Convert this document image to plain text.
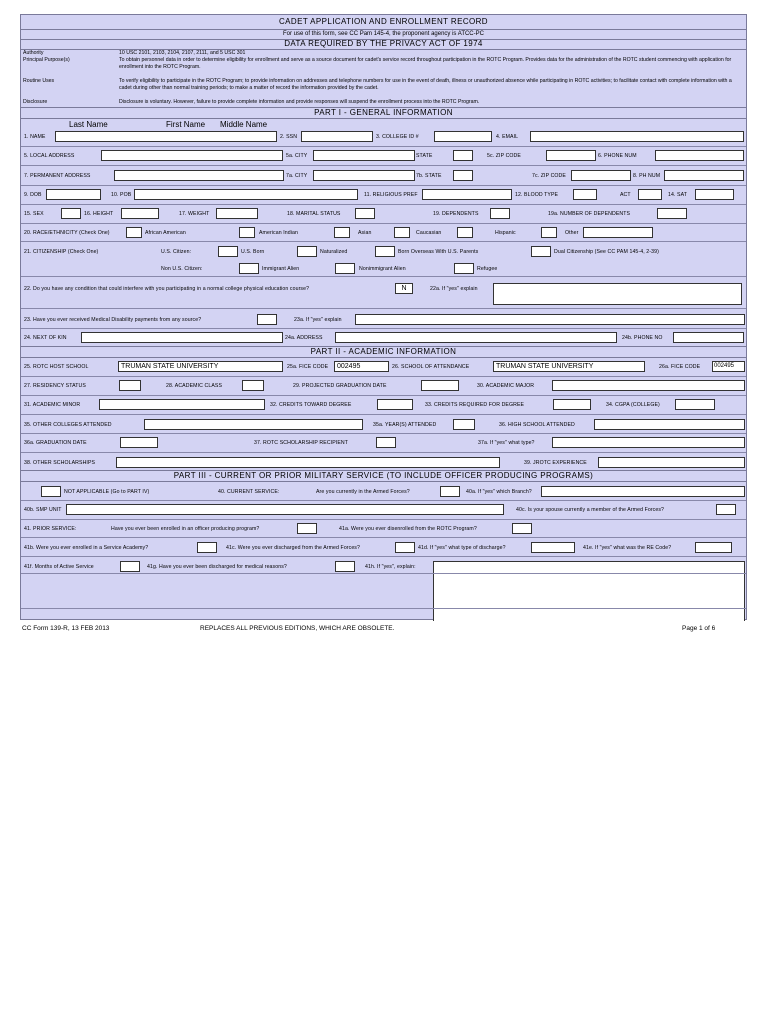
CADET APPLICATION AND ENROLLMENT RECORD
For use of this form, see CC Pam 145-4, the proponent agency is ATCC-PC
DATA REQUIRED BY THE PRIVACY ACT OF 1974
Authority	10 USC 2101, 2103, 2104, 2107, 2111, and 5 USC 301
Principal Purpose(s)	To obtain personnel data in order to determine eligibility for enrollment and serve as a source document for cadet's service record throughout participation in the ROTC Program. Provides data for the administration of the ROTC student commencing with application for enrollment into the ROTC Program.
Routine Uses	To verify eligibility to participate in the ROTC Program; to provide information on addresses and telephone numbers for use in the event of death, illness or unauthorized absence while participating in ROTC activities; to facilitate contact with complete information with a cadet during other than normal training periods; to make a matter of record the information provided by the cadet.
Disclosure	Disclosure is voluntary. However, failure to provide complete information and provide responses will suspend the enrollment process into the ROTC Program.
PART I - GENERAL INFORMATION
Last Name	First Name Middle Name
1. NAME	2. SSN	3. COLLEGE ID #	4. EMAIL
5. LOCAL ADDRESS	5a. CITY	STATE	5c. ZIP CODE	6. PHONE NUM
7. PERMANENT ADDRESS	7a. CITY	7b. STATE	7c. ZIP CODE	8. PH NUM
9. DOB	10. POB	11. RELIGIOUS PREF	12. BLOOD TYPE	ACT	14. SAT
15. SEX	16. HEIGHT	17. WEIGHT	18. MARITAL STATUS	19. DEPENDENTS	19a. NUMBER OF DEPENDENTS
20. RACE/ETHNICITY (Check One)	African American	American Indian	Asian	Caucasian	Hispanic	Other
21. CITIZENSHIP (Check One)	U.S. Citizen:	U.S. Born	Naturalized	Born Overseas With U.S. Parents	Dual Citizenship (See CC PAM 145-4, 2-39)
Non U.S. Citizen:	Immigrant Alien	Nonimmigrant Alien	Refugee
22. Do you have any condition that could interfere with you participating in a normal college physical education course?	N	22a. If "yes" explain
23. Have you ever received Medical Disability payments from any source?	23a. If "yes" explain
24. NEXT OF KIN	24a. ADDRESS	24b. PHONE NO
PART II - ACADEMIC INFORMATION
25. ROTC HOST SCHOOL	TRUMAN STATE UNIVERSITY	25a. FICE CODE	002495	26. SCHOOL OF ATTENDANCE	TRUMAN STATE UNIVERSITY	26a. FICE CODE	002495
27. RESIDENCY STATUS	28. ACADEMIC CLASS	29. PROJECTED GRADUATION DATE	30. ACADEMIC MAJOR
31. ACADEMIC MINOR	32. CREDITS TOWARD DEGREE	33. CREDITS REQUIRED FOR DEGREE	34. CGPA (COLLEGE)
35. OTHER COLLEGES ATTENDED	35a. YEAR(S) ATTENDED	36. HIGH SCHOOL ATTENDED
36a. GRADUATION DATE	37. ROTC SCHOLARSHIP RECIPIENT	37a. If "yes" what type?
38. OTHER SCHOLARSHIPS	39. JROTC EXPERIENCE
PART III - CURRENT OR PRIOR MILITARY SERVICE (TO INCLUDE OFFICER PRODUCING PROGRAMS)
NOT APPLICABLE (Go to PART IV)	40. CURRENT SERVICE:	Are you currently in the Armed Forces?	40a. If "yes" which Branch?
40b. SMP UNIT	40c. Is your spouse currently a member of the Armed Forces?
41. PRIOR SERVICE:	Have you ever been enrolled in an officer producing program?	41a. Were you ever disenrolled from the ROTC Program?
41b. Were you ever enrolled in a Service Academy?	41c. Were you ever discharged from the Armed Forces?	41d. If "yes" what type of discharge?	41e. If "yes" what was the RE Code?
41f. Months of Active Service	41g. Have you ever been discharged for medical reasons?	41h. If "yes", explain:
CC Form 139-R, 13 FEB 2013	REPLACES ALL PREVIOUS EDITIONS, WHICH ARE OBSOLETE.	Page 1 of 6
